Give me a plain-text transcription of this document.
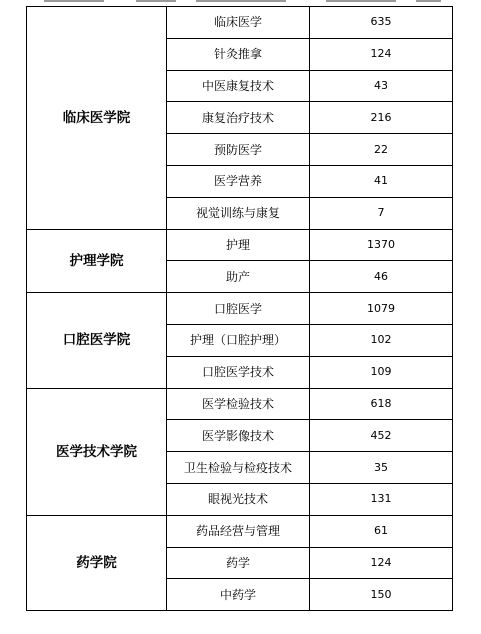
临床医学院	临床医学	635
	针灸推拿	124
	中医康复技术	43
	康复治疗技术	216
	预防医学	22
	医学营养	41
	视觉训练与康复	7
护理学院	护理	1370
	助产	46
口腔医学院	口腔医学	1079
	护理（口腔护理）	102
	口腔医学技术	109
医学技术学院	医学检验技术	618
	医学影像技术	452
	卫生检验与检疫技术	35
	眼视光技术	131
药学院	药品经营与管理	61
	药学	124
	中药学	150
